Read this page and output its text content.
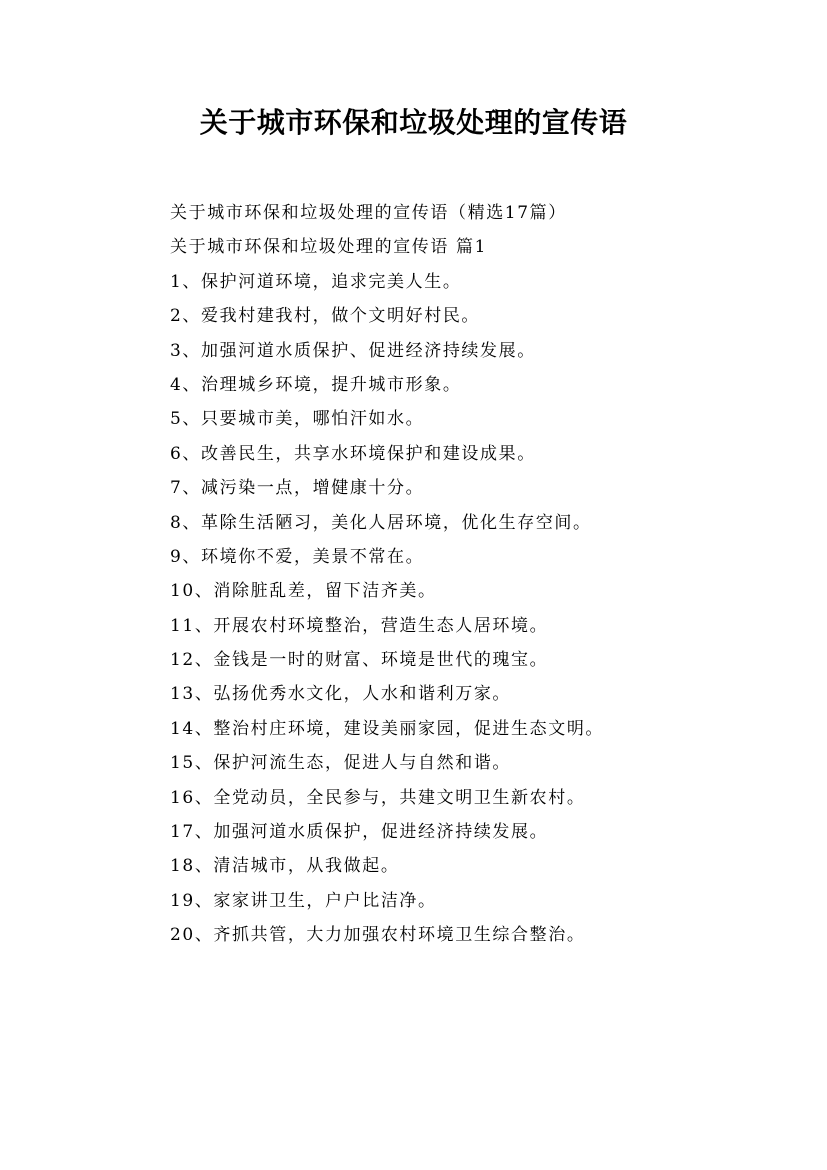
关于城市环保和垃圾处理的宣传语
关于城市环保和垃圾处理的宣传语（精选17篇）
关于城市环保和垃圾处理的宣传语 篇1
1、保护河道环境，追求完美人生。
2、爱我村建我村，做个文明好村民。
3、加强河道水质保护、促进经济持续发展。
4、治理城乡环境，提升城市形象。
5、只要城市美，哪怕汗如水。
6、改善民生，共享水环境保护和建设成果。
7、减污染一点，增健康十分。
8、革除生活陋习，美化人居环境，优化生存空间。
9、环境你不爱，美景不常在。
10、消除脏乱差，留下洁齐美。
11、开展农村环境整治，营造生态人居环境。
12、金钱是一时的财富、环境是世代的瑰宝。
13、弘扬优秀水文化，人水和谐利万家。
14、整治村庄环境，建设美丽家园，促进生态文明。
15、保护河流生态，促进人与自然和谐。
16、全党动员，全民参与，共建文明卫生新农村。
17、加强河道水质保护，促进经济持续发展。
18、清洁城市，从我做起。
19、家家讲卫生，户户比洁净。
20、齐抓共管，大力加强农村环境卫生综合整治。
